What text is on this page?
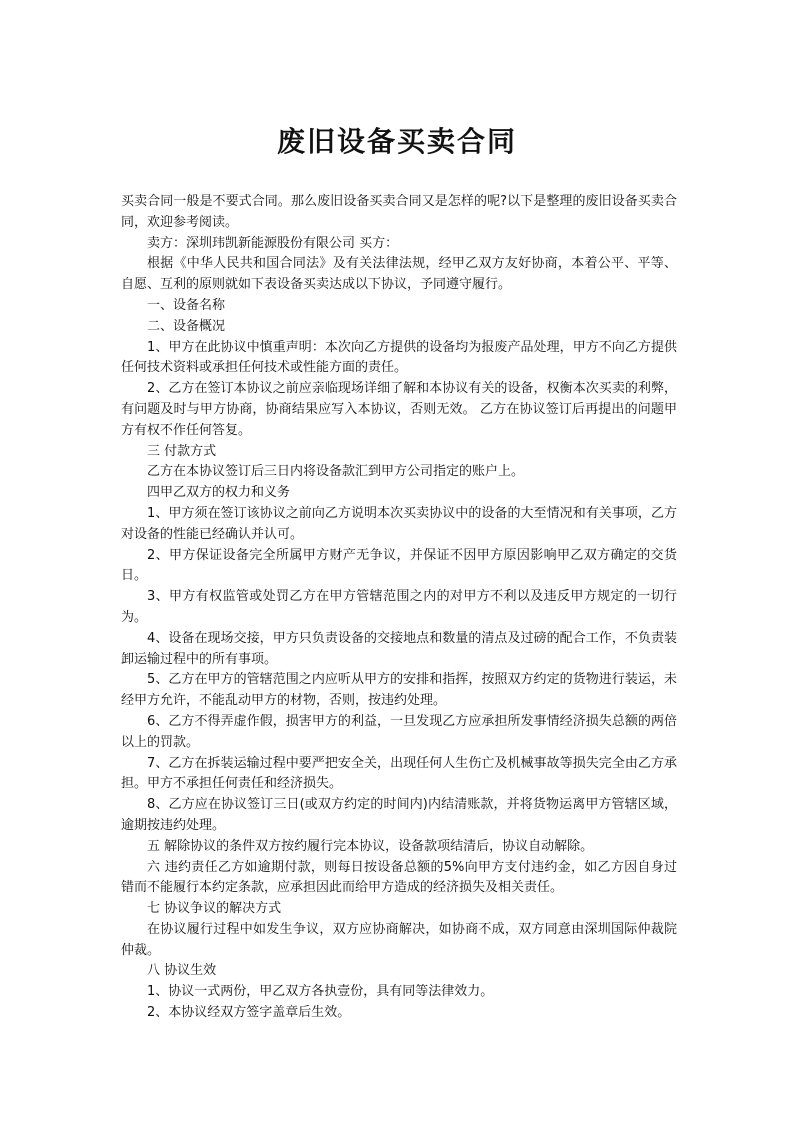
废旧设备买卖合同

买卖合同一般是不要式合同。那么废旧设备买卖合同又是怎样的呢?以下是整理的废旧设备买卖合同，欢迎参考阅读。

卖方：深圳玮凯新能源股份有限公司 买方：

根据《中华人民共和国合同法》及有关法律法规，经甲乙双方友好协商，本着公平、平等、自愿、互利的原则就如下表设备买卖达成以下协议，予同遵守履行。

一、设备名称

二、设备概况

1、甲方在此协议中慎重声明：本次向乙方提供的设备均为报废产品处理，甲方不向乙方提供任何技术资料或承担任何技术或性能方面的责任。

2、乙方在签订本协议之前应亲临现场详细了解和本协议有关的设备，权衡本次买卖的利弊，有问题及时与甲方协商，协商结果应写入本协议，否则无效。 乙方在协议签订后再提出的问题甲方有权不作任何答复。

三 付款方式

乙方在本协议签订后三日内将设备款汇到甲方公司指定的账户上。

四甲乙双方的权力和义务

1、甲方须在签订该协议之前向乙方说明本次买卖协议中的设备的大至情况和有关事项，乙方对设备的性能已经确认并认可。

2、甲方保证设备完全所属甲方财产无争议，并保证不因甲方原因影响甲乙双方确定的交货日。

3、甲方有权监管或处罚乙方在甲方管辖范围之内的对甲方不利以及违反甲方规定的一切行为。

4、设备在现场交接，甲方只负责设备的交接地点和数量的清点及过磅的配合工作，不负责装卸运输过程中的所有事项。

5、乙方在甲方的管辖范围之内应听从甲方的安排和指挥，按照双方约定的货物进行装运，未经甲方允许，不能乱动甲方的材物，否则，按违约处理。

6、乙方不得弄虚作假，损害甲方的利益，一旦发现乙方应承担所发事情经济损失总额的两倍以上的罚款。

7、乙方在拆装运输过程中要严把安全关，出现任何人生伤亡及机械事故等损失完全由乙方承担。甲方不承担任何责任和经济损失。

8、乙方应在协议签订三日(或双方约定的时间内)内结清账款，并将货物运离甲方管辖区域，逾期按违约处理。

五 解除协议的条件双方按约履行完本协议，设备款项结清后，协议自动解除。

六 违约责任乙方如逾期付款，则每日按设备总额的5%向甲方支付违约金，如乙方因自身过错而不能履行本约定条款，应承担因此而给甲方造成的经济损失及相关责任。

七 协议争议的解决方式

在协议履行过程中如发生争议，双方应协商解决，如协商不成，双方同意由深圳国际仲裁院仲裁。

八 协议生效

1、协议一式两份，甲乙双方各执壹份，具有同等法律效力。

2、本协议经双方签字盖章后生效。
